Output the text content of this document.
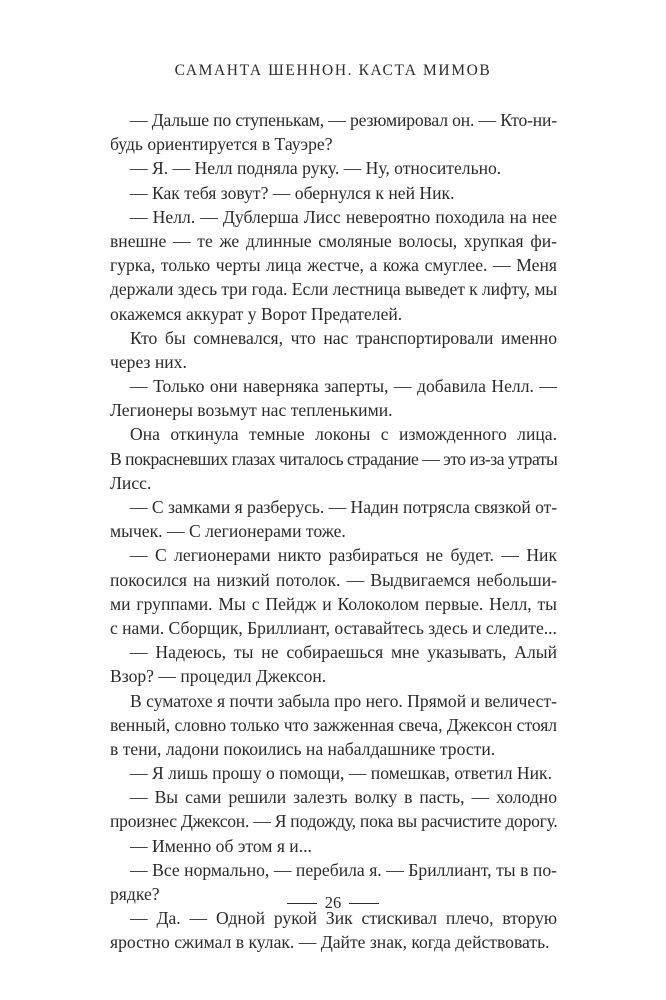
САМАНТА ШЕННОН. КАСТА МИМОВ
— Дальше по ступенькам, — резюмировал он. — Кто-ни-
будь ориентируется в Тауэре?
— Я. — Нелл подняла руку. — Ну, относительно.
— Как тебя зовут? — обернулся к ней Ник.
— Нелл. — Дублерша Лисс невероятно походила на нее
внешне — те же длинные смоляные волосы, хрупкая фи-
гурка, только черты лица жестче, а кожа смуглее. — Меня
держали здесь три года. Если лестница выведет к лифту, мы
окажемся аккурат у Ворот Предателей.
Кто бы сомневался, что нас транспортировали именно
через них.
— Только они наверняка заперты, — добавила Нелл. —
Легионеры возьмут нас тепленькими.
Она откинула темные локоны с изможденного лица.
В покрасневших глазах читалось страдание — это из-за утраты
Лисс.
— С замками я разберусь. — Надин потрясла связкой от-
мычек. — С легионерами тоже.
— С легионерами никто разбираться не будет. — Ник
покосился на низкий потолок. — Выдвигаемся небольши-
ми группами. Мы с Пейдж и Колоколом первые. Нелл, ты
с нами. Сборщик, Бриллиант, оставайтесь здесь и следите...
— Надеюсь, ты не собираешься мне указывать, Алый
Взор? — процедил Джексон.
В суматохе я почти забыла про него. Прямой и величест-
венный, словно только что зажженная свеча, Джексон стоял
в тени, ладони покоились на набалдашнике трости.
— Я лишь прошу о помощи, — помешкав, ответил Ник.
— Вы сами решили залезть волку в пасть, — холодно
произнес Джексон. — Я подожду, пока вы расчистите дорогу.
— Именно об этом я и...
— Все нормально, — перебила я. — Бриллиант, ты в по-
рядке?
— Да. — Одной рукой Зик стискивал плечо, вторую
яростно сжимал в кулак. — Дайте знак, когда действовать.
26
